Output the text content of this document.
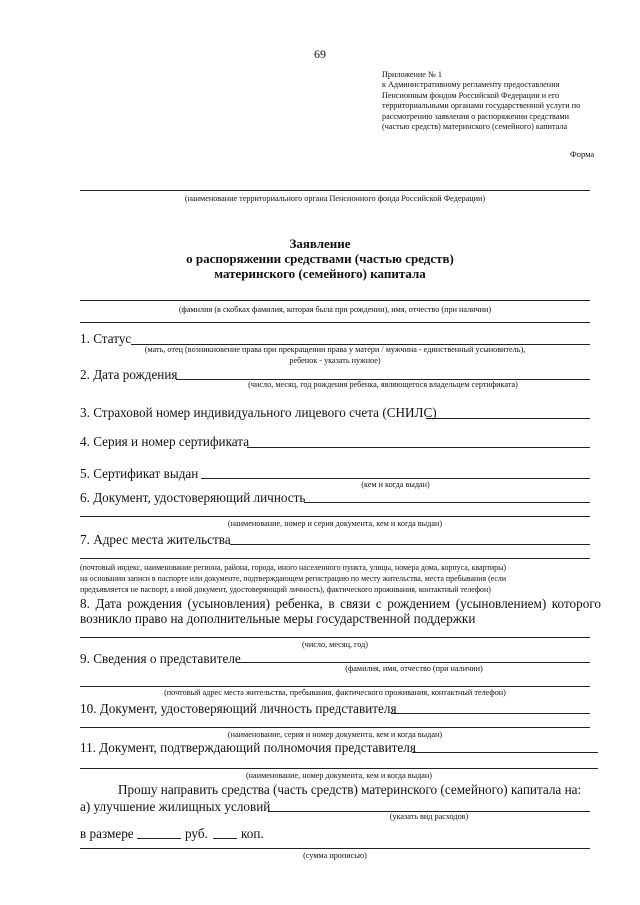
69
Приложение № 1
к Административному регламенту предоставления
Пенсионным фондом Российской Федерации и его
территориальными органами государственной услуги по
рассмотрению заявления о распоряжении средствами
(частью средств) материнского (семейного) капитала
Форма
(наименование территориального органа Пенсионного фонда Российской Федерации)
Заявление
о распоряжении средствами (частью средств)
материнского (семейного) капитала
(фамилия (в скобках фамилия, которая была при рождении), имя, отчество (при наличии)
1. Статус
(мать, отец (возникновение права при прекращении права у матери / мужчина - единственный усыновитель),
ребенок - указать нужное)
2. Дата рождения
(число, месяц, год рождения ребенка, являющегося владельцем сертификата)
3. Страховой номер индивидуального лицевого счета (СНИЛС)
4. Серия и номер сертификата
5. Сертификат выдан
(кем и когда выдан)
6. Документ, удостоверяющий личность
(наименование, номер и серия документа, кем и когда выдан)
7. Адрес места жительства
(почтовый индекс, наименование региона, района, города, иного населенного пункта, улицы, номера дома, корпуса, квартиры)
на основании записи в паспорте или документе, подтверждающем регистрацию по месту жительства, места пребывания (если
предъявляется не паспорт, а иной документ, удостоверяющий личность), фактического проживания, контактный телефон)
8. Дата рождения (усыновления) ребенка, в связи с рождением (усыновлением) которого
возникло право на дополнительные меры государственной поддержки
(число, месяц, год)
9. Сведения о представителе
(фамилия, имя, отчество (при наличии)
(почтовый адрес места жительства, пребывания, фактического проживания, контактный телефон)
10. Документ, удостоверяющий личность представителя
(наименование, серия и номер документа, кем и когда выдан)
11. Документ, подтверждающий полномочия представителя
(наименование, номер документа, кем и когда выдан)
Прошу направить средства (часть средств) материнского (семейного) капитала на:
а) улучшение жилищных условий
(указать вид расходов)
в размере	руб.	коп.
(сумма прописью)
